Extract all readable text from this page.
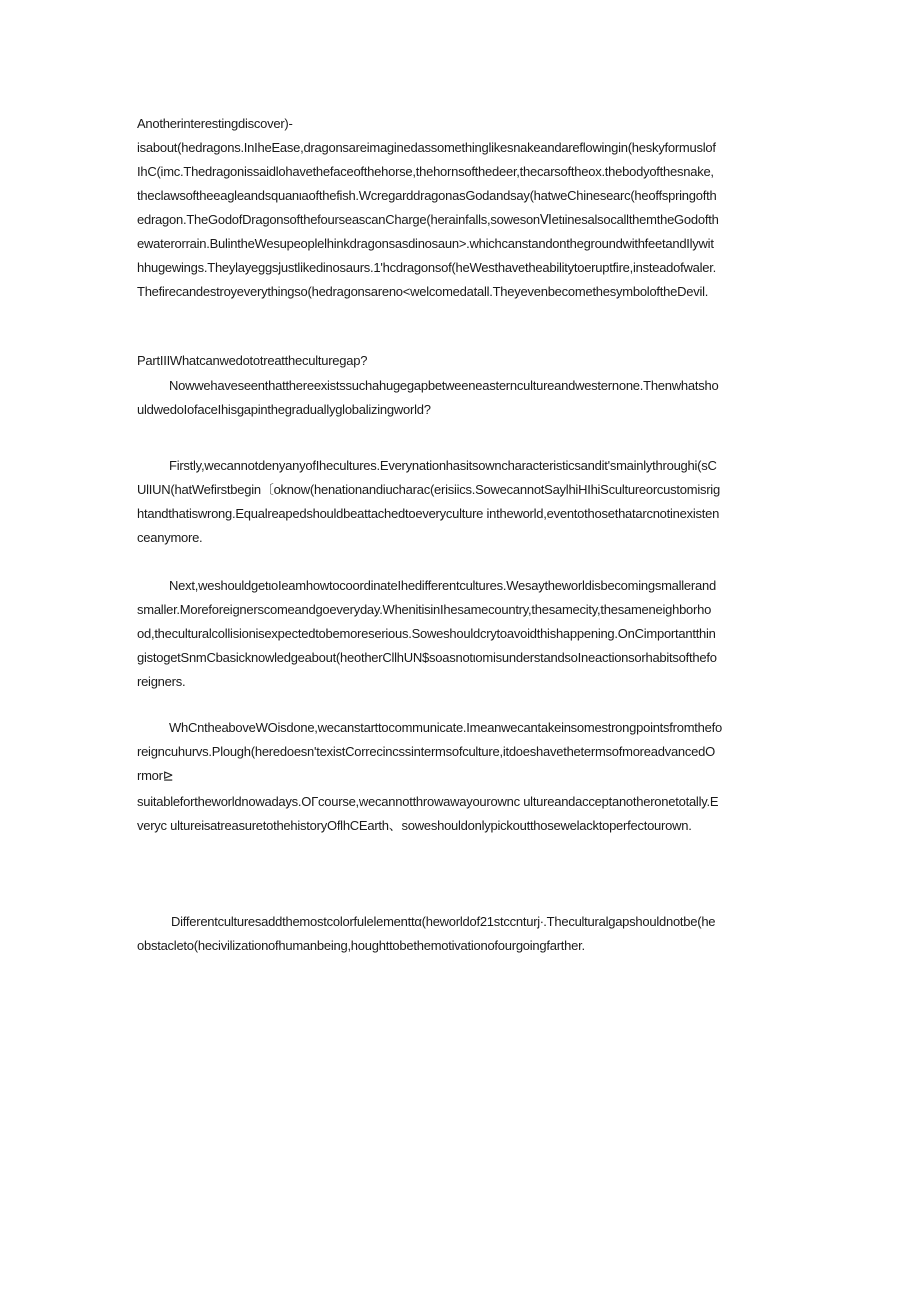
Anotherinterestingdiscover)-
isabout(hedragons.InIheEase,dragonsareimaginedassomethinglikesnakeandareflowingin(heskyformuslof
IhC(imc.Thedragonissaidlohavethefaceofthehorse,thehornsofthedeer,thecarsoftheox.thebodyofthesnake,
theclawsoftheeagleandsquanιaofthefish.WcregarddragonasGodandsay(hatweChinesearc(heoffspringofth
edragon.TheGodofDragonsofthefourseascanCharge(herainfalls,sowesonⅥetιinesalsocallthemtheGodofth
ewaterorrain.BulintheWesupeoplelhinkdragonsasdinosaun>.whichcanstandonthegroundwithfeetandIlywit
hhugewings.Theylayeggsjustlikedinosaurs.1'hcdragonsof(heWesthavetheabilitytoeruptfire,insteadofwaler.
Thefirecandestroyeverythingso(hedragonsareno<welcomedatall.TheyevenbecomethesymboloftheDevil.
PartIIIWhatcanwedototreattheculturegap?
Nowwehaveseenthatthereexistssuchahugegapbetweeneasterncultureandwesternone.Thenwhatsho
uldwedoIofaceIhisgapinthegraduallyglobalizingworld?
Firstly,wecannotdenyanyofIhecultures.Everynationhasitsowncharacteristicsandit'smainlythroughi(sC
UlIUN(hatWefirstbegin〔oknow(henationandiucharac(erisiics.SowecannotSaylhiHIhiScultureorcustomisrig
htandthatiswrong.Equalreapedshouldbeattachedtoeveryculture intheworld,eventothosethatarcnotinexisten
ceanymore.
Next,weshouldgetιoIeamhowtocoordinateIhedifferentcultures.Wesaytheworldisbecomingsmallerand
smaller.Moreforeignerscomeandgoeveryday.WhenitisinIhesamecountry,thesamecity,thesameneighborho
od,theculturalcollisionisexpectedtobemoreserious.Soweshouldcrytoavoidthishappening.OnCimportantthin
gistogetSnmCbasicknowledgeabout(heotherCllhUN$soasnotιomisunderstandsoIneactionsorhabitsofthefo
reigners.
WhCntheaboveWOisdone,wecanstarttocommunicate.Imeanwecantakeinsomestrongpointsfromthefo
reigncuhurvs.Plough(heredoesn'texistCorrecincssintermsofculture,itdoeshavethetermsofmoreadvancedO
rmor⊵
suitablefortheworldnowadays.OΓcourse,wecannotthrowawayourownc ultureandacceptanotheronetotally.E
veryc ultureisatreasuretothehistoryOflhCEarth、soweshouldonlypickoutthosewelacktoperfectourown.
Differentculturesaddthemostcolorfulelementtα(heworldof21stccnturj∙.Theculturalgapshouldnotbe(he
obstacleto(hecivilizationofhumanbeing,houghttobethemotivationofourgoingfarther.
